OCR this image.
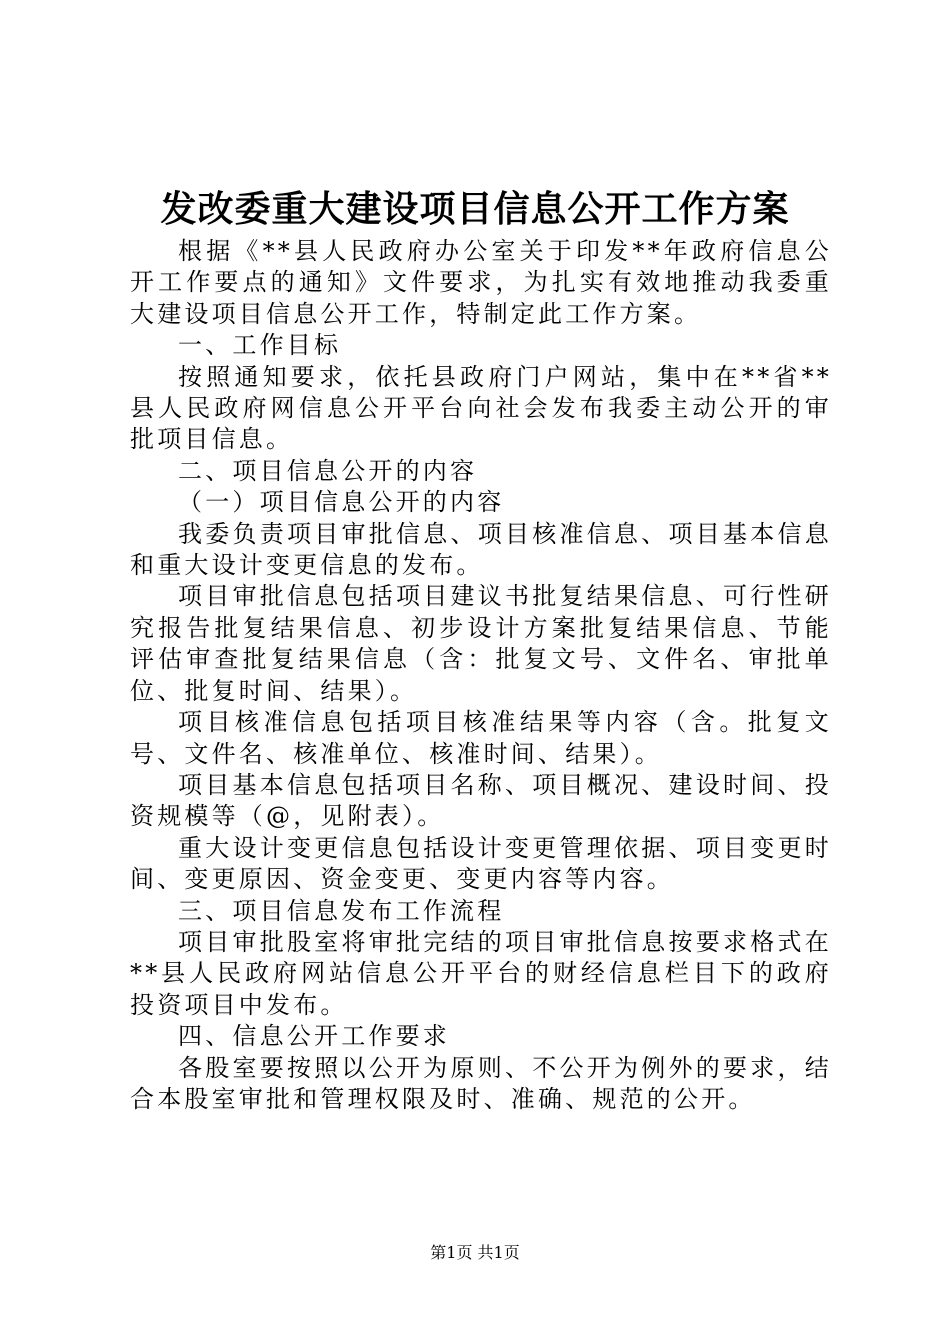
发改委重大建设项目信息公开工作方案

根据《**县人民政府办公室关于印发**年政府信息公开工作要点的通知》文件要求，为扎实有效地推动我委重大建设项目信息公开工作，特制定此工作方案。

一、工作目标

按照通知要求，依托县政府门户网站，集中在**省**县人民政府网信息公开平台向社会发布我委主动公开的审批项目信息。

二、项目信息公开的内容

（一）项目信息公开的内容

我委负责项目审批信息、项目核准信息、项目基本信息和重大设计变更信息的发布。

项目审批信息包括项目建议书批复结果信息、可行性研究报告批复结果信息、初步设计方案批复结果信息、节能评估审查批复结果信息（含：批复文号、文件名、审批单位、批复时间、结果）。

项目核准信息包括项目核准结果等内容（含。批复文号、文件名、核准单位、核准时间、结果）。

项目基本信息包括项目名称、项目概况、建设时间、投资规模等（@，见附表）。

重大设计变更信息包括设计变更管理依据、项目变更时间、变更原因、资金变更、变更内容等内容。

三、项目信息发布工作流程

项目审批股室将审批完结的项目审批信息按要求格式在**县人民政府网站信息公开平台的财经信息栏目下的政府投资项目中发布。

四、信息公开工作要求

各股室要按照以公开为原则、不公开为例外的要求，结合本股室审批和管理权限及时、准确、规范的公开。

第1页 共1页
